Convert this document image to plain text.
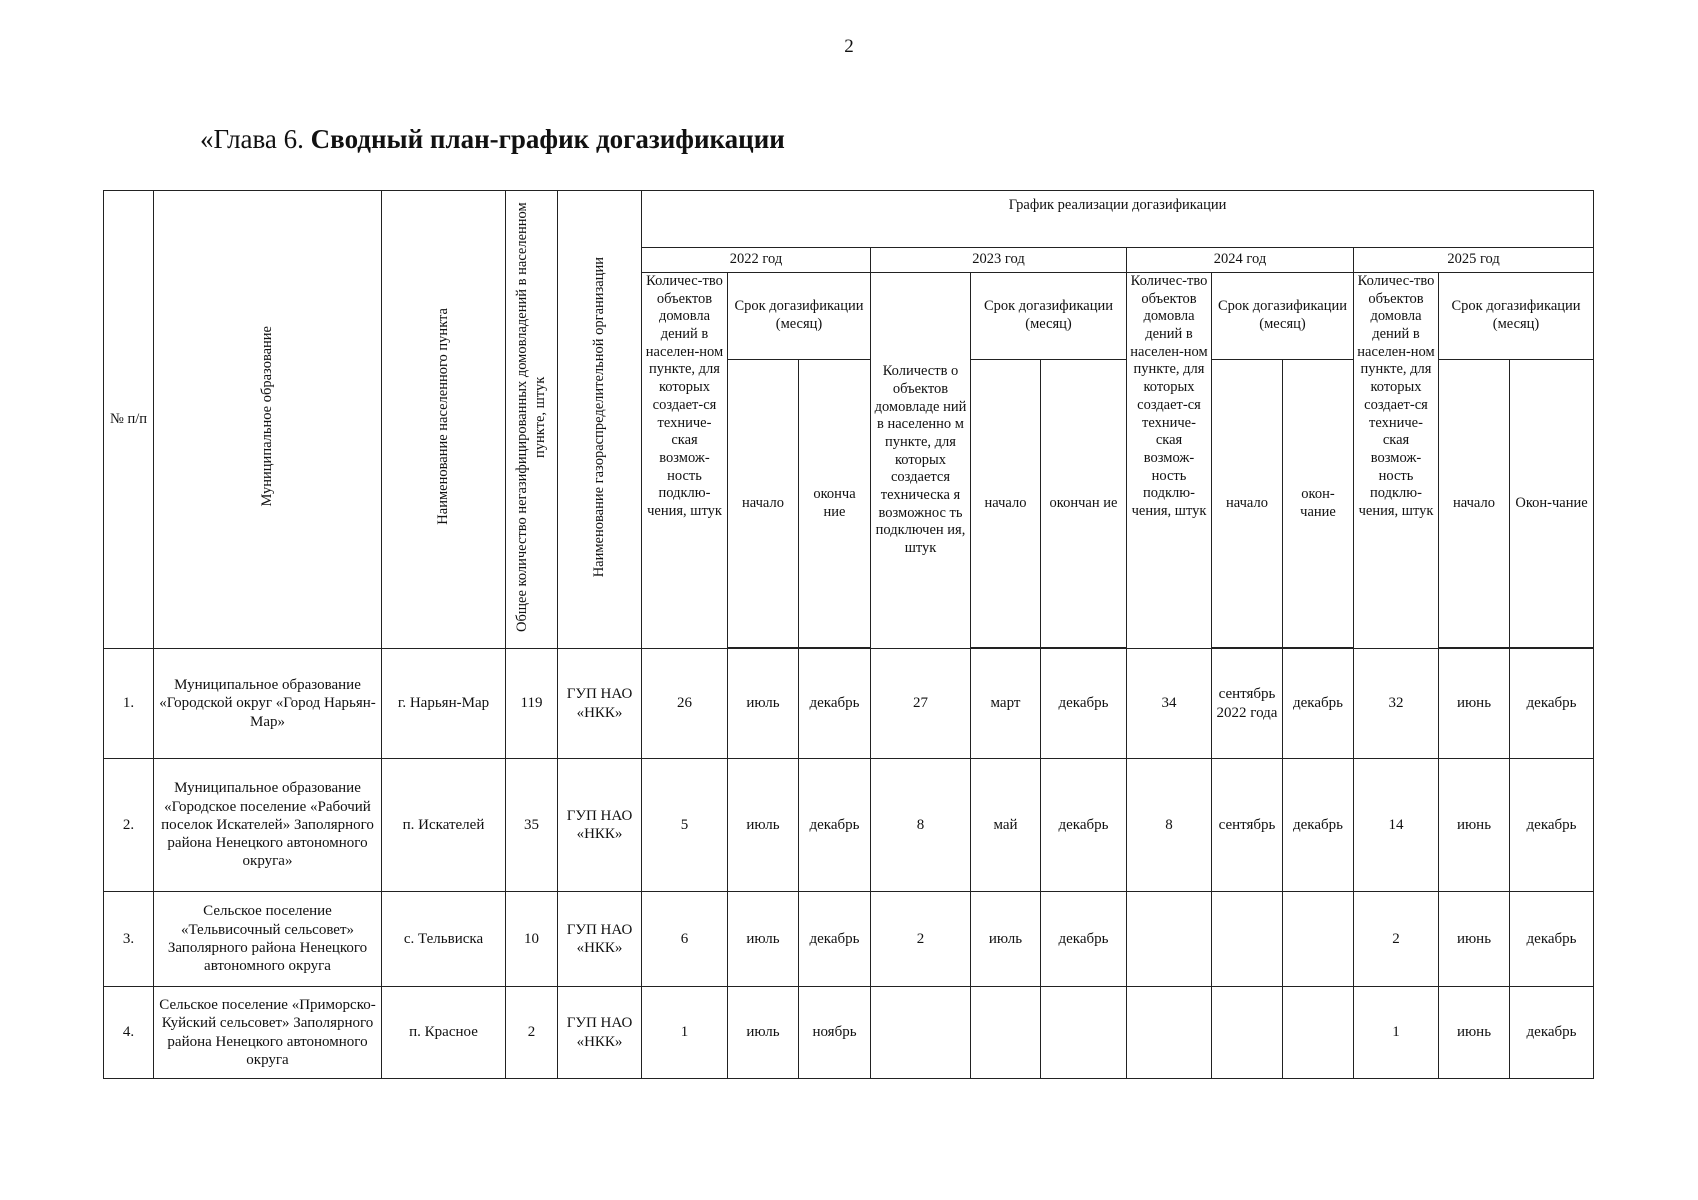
2
«Глава 6. Сводный план-график догазификации
№ п/п	Муниципальное образование	Наименование населенного пункта	Общее количество негазифицированных домовладений в населенном пункте, штук	Наименование газораспределительной организации	График реализации догазификации											
					2022 год			2023 год			2024 год			2025 год		
					Количес-тво объектов домовла дений в населен-ном пункте, для которых создает-ся техниче-ская возмож-ность подклю-чения, штук	Срок догазификации (месяц)		Количеств о объектов домовладе ний в населенно м пункте, для которых создается техническа я возможнос ть подключен ия, штук	Срок догазификации (месяц)		Количес-тво объектов домовла дений в населен-ном пункте, для которых создает-ся техниче-ская возмож-ность подклю-чения, штук	Срок догазификации (месяц)		Количес-тво объектов домовла дений в населен-ном пункте, для которых создает-ся техниче-ская возмож-ность подклю-чения, штук	Срок догазификации (месяц)	
						начало	оконча ние		начало	окончан ие		начало	окон-чание		начало	Окон-чание

1.	Муниципальное образование «Городской округ «Город Нарьян-Мар»	г. Нарьян-Мар	119	ГУП НАО «НКК»	26	июль	декабрь	27	март	декабрь	34	сентябрь 2022 года	декабрь	32	июнь	декабрь
2.	Муниципальное образование «Городское поселение «Рабочий поселок Искателей» Заполярного района Ненецкого автономного округа»	п. Искателей	35	ГУП НАО «НКК»	5	июль	декабрь	8	май	декабрь	8	сентябрь	декабрь	14	июнь	декабрь
3.	Сельское поселение «Тельвисочный сельсовет» Заполярного района Ненецкого автономного округа	с. Тельвиска	10	ГУП НАО «НКК»	6	июль	декабрь	2	июль	декабрь				2	июнь	декабрь
4.	Сельское поселение «Приморско-Куйский сельсовет» Заполярного района Ненецкого автономного округа	п. Красное	2	ГУП НАО «НКК»	1	июль	ноябрь							1	июнь	декабрь
